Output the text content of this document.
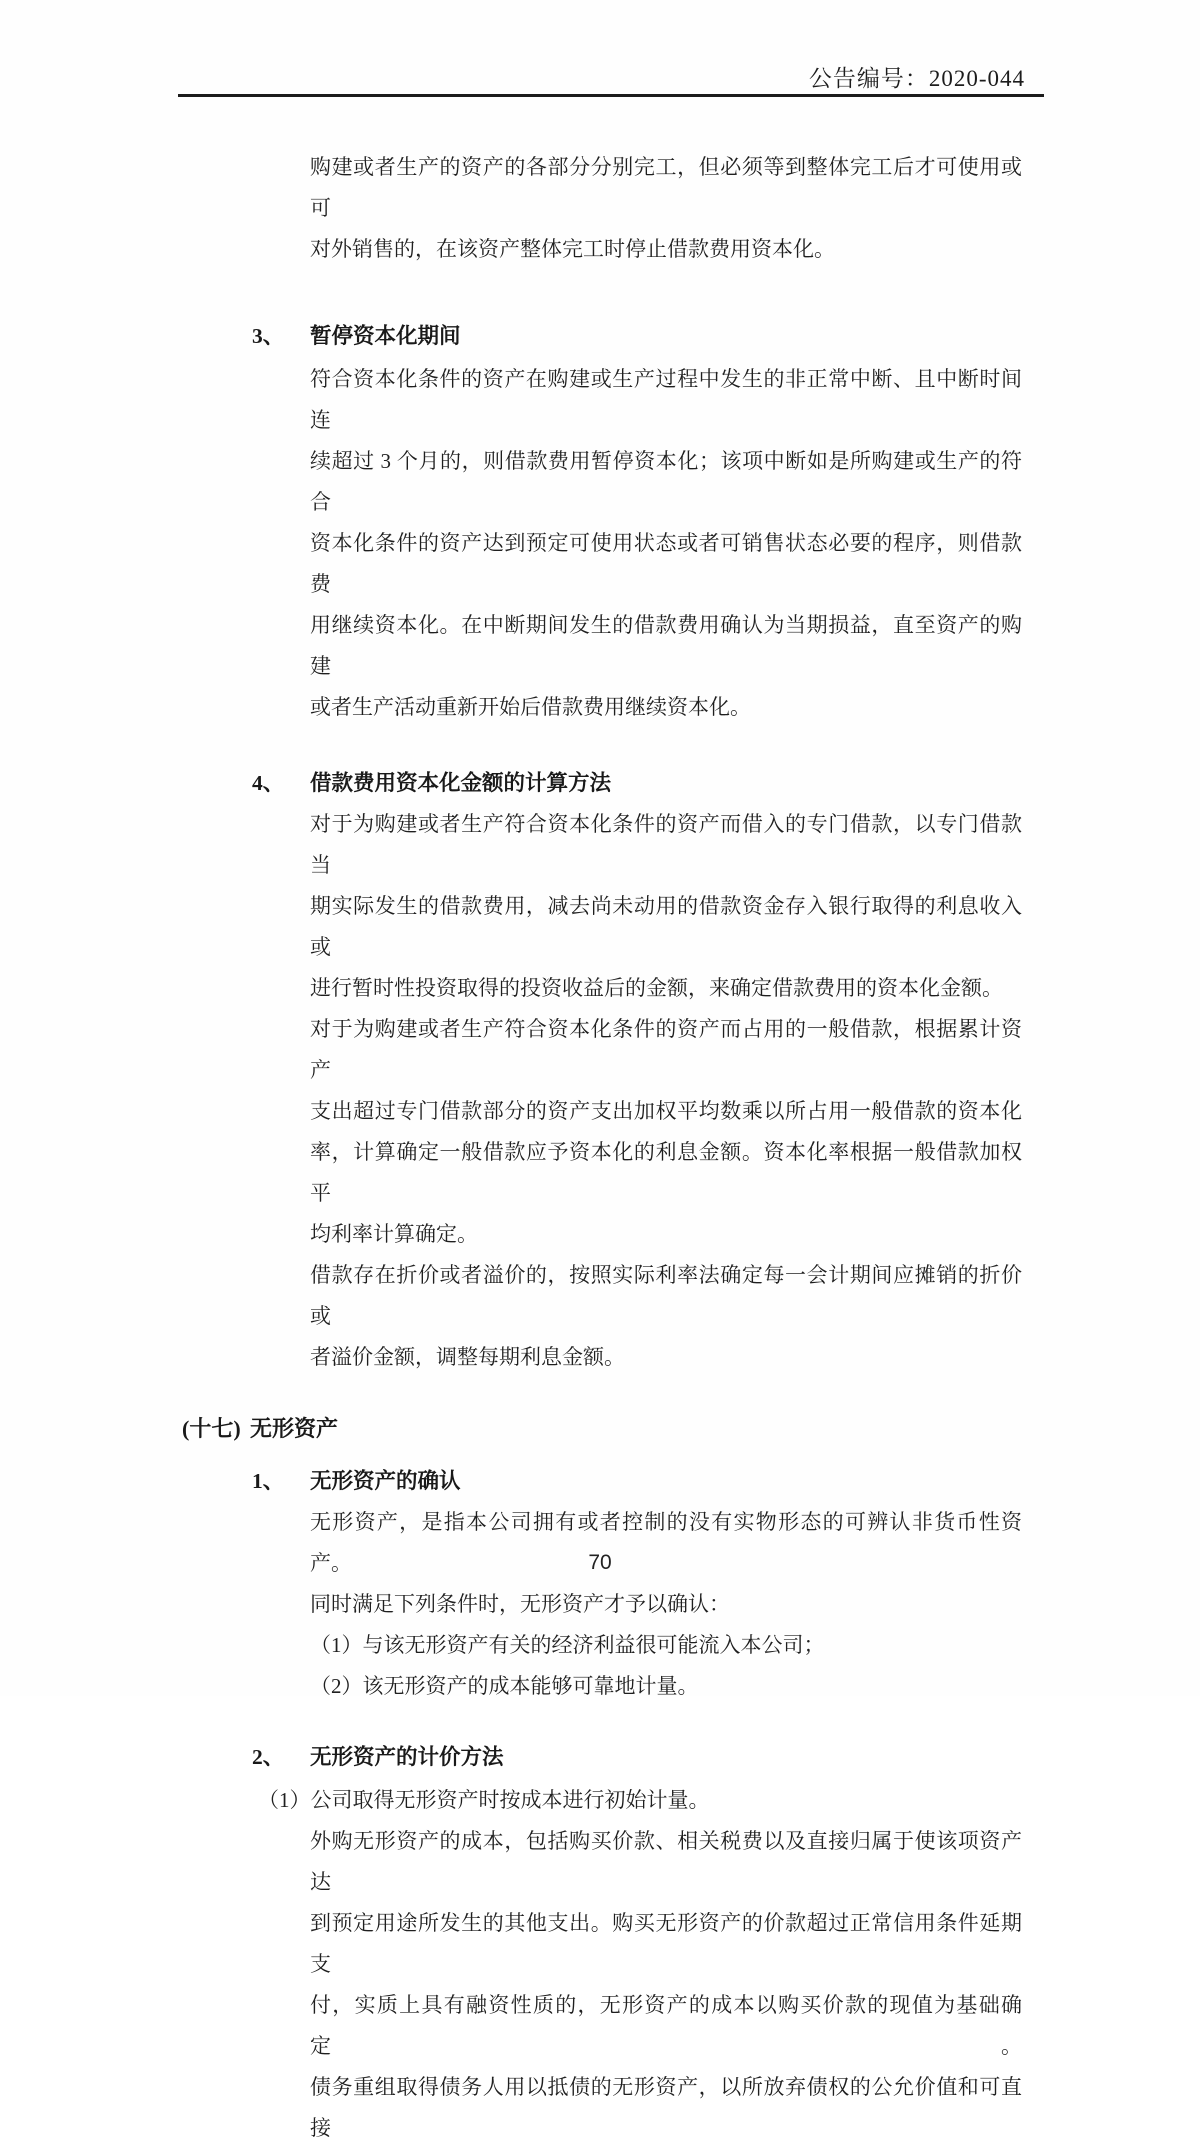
公告编号：2020-044
购建或者生产的资产的各部分分别完工，但必须等到整体完工后才可使用或可
对外销售的，在该资产整体完工时停止借款费用资本化。
3、	暂停资本化期间
符合资本化条件的资产在购建或生产过程中发生的非正常中断、且中断时间连
续超过 3 个月的，则借款费用暂停资本化；该项中断如是所购建或生产的符合
资本化条件的资产达到预定可使用状态或者可销售状态必要的程序，则借款费
用继续资本化。在中断期间发生的借款费用确认为当期损益，直至资产的购建
或者生产活动重新开始后借款费用继续资本化。
4、	借款费用资本化金额的计算方法
对于为购建或者生产符合资本化条件的资产而借入的专门借款，以专门借款当
期实际发生的借款费用，减去尚未动用的借款资金存入银行取得的利息收入或
进行暂时性投资取得的投资收益后的金额，来确定借款费用的资本化金额。
对于为购建或者生产符合资本化条件的资产而占用的一般借款，根据累计资产
支出超过专门借款部分的资产支出加权平均数乘以所占用一般借款的资本化
率，计算确定一般借款应予资本化的利息金额。资本化率根据一般借款加权平
均利率计算确定。
借款存在折价或者溢价的，按照实际利率法确定每一会计期间应摊销的折价或
者溢价金额，调整每期利息金额。
(十七) 无形资产
1、	无形资产的确认
无形资产，是指本公司拥有或者控制的没有实物形态的可辨认非货币性资产。
同时满足下列条件时，无形资产才予以确认：
（1）与该无形资产有关的经济利益很可能流入本公司；
（2）该无形资产的成本能够可靠地计量。
2、	无形资产的计价方法
（1）公司取得无形资产时按成本进行初始计量。
外购无形资产的成本，包括购买价款、相关税费以及直接归属于使该项资产达
到预定用途所发生的其他支出。购买无形资产的价款超过正常信用条件延期支
付，实质上具有融资性质的，无形资产的成本以购买价款的现值为基础确定。
债务重组取得债务人用以抵债的无形资产，以所放弃债权的公允价值和可直接
70
